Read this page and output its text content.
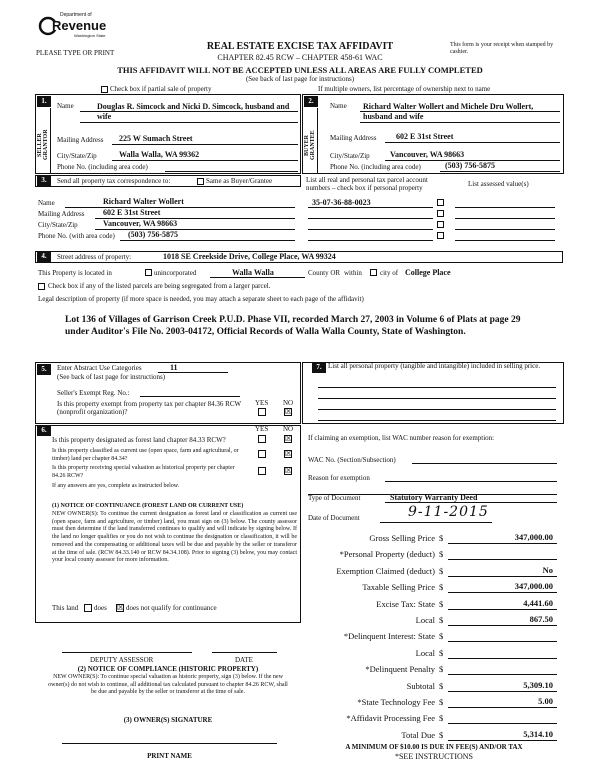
Department of
Revenue
Washington State
PLEASE TYPE OR PRINT
REAL ESTATE EXCISE TAX AFFIDAVIT
CHAPTER 82.45 RCW – CHAPTER 458-61 WAC
This form is your receipt when stamped by cashier.
THIS AFFIDAVIT WILL NOT BE ACCEPTED UNLESS ALL AREAS ARE FULLY COMPLETED
(See back of last page for instructions)
Check box if partial sale of property	If multiple owners, list percentage of ownership next to name
1.	2.
SELLER GRANTOR	BUYER GRANTEE
Name	Douglas R. Simcock and Nicki D. Simcock, husband and wife
Mailing Address 225 W Sumach Street
City/State/Zip	Walla Walla, WA 99362
Phone No. (including area code)
Name Richard Walter Wollert and Michele Dru Wollert, husband and wife
Mailing Address 602 E 31st Street
City/State/Zip	Vancouver, WA 98663
Phone No. (including area code)	(503) 756-5875
3.	Send all property tax correspondence to:	Same as Buyer/Grantee	List all real and personal tax parcel account numbers – check box if personal property	List assessed value(s)
Name	Richard Walter Wollert
Mailing Address 602 E 31st Street
City/State/Zip	Vancouver, WA 98663
Phone No. (with area code) (503) 756-5875
35-07-36-88-0023
4.	Street address of property:	1018 SE Creekside Drive, College Place, WA 99324
This Property is located in	unincorporated	Walla Walla	County OR within	city of College Place
Check box if any of the listed parcels are being segregated from a larger parcel.
Legal description of property (if more space is needed, you may attach a separate sheet to each page of the affidavit)
Lot 136 of Villages of Garrison Creek P.U.D. Phase VII, recorded March 27, 2003 in Volume 6 of Plats at page 29 under Auditor's File No. 2003-04172, Official Records of Walla Walla County, State of Washington.
5.	Enter Abstract Use Categories	11
(See back of last page for instructions)
Seller's Exempt Reg. No.:
Is this property exempt from property tax per chapter 84.36 RCW (nonprofit organization)?
YES NO
☒
7. List all personal property (tangible and intangible) included in selling price.
6.	YES NO
Is this property designated as forest land chapter 84.33 RCW?	☒
Is this property classified as current use (open space, farm and agricultural, or timber) land per chapter 84.34?
☒
Is this property receiving special valuation as historical property per chapter 84.26 RCW?
☒
If any answers are yes, complete as instructed below.
(1) NOTICE OF CONTINUANCE (FOREST LAND OR CURRENT USE)
NEW OWNER(S): To continue the current designation as forest land or classification as current use (open space, farm and agriculture, or timber) land, you must sign on (3) below. The county assessor must then determine if the land transferred continues to qualify and will indicate by signing below. If the land no longer qualifies or you do not wish to continue the designation or classification, it will be removed and the compensating or additional taxes will be due and payable by the seller or transferor at the time of sale. (RCW 84.33.140 or RCW 84.34.108). Prior to signing (3) below, you may contact your local county assessor for more information.
This land does ☒ does not qualify for continuance
DEPUTY ASSESSOR	DATE
(2) NOTICE OF COMPLIANCE (HISTORIC PROPERTY)
NEW OWNER(S): To continue special valuation as historic property, sign (3) below. If the new owner(s) do not wish to continue, all additional tax calculated pursuant to chapter 84.26 RCW, shall be due and payable by the seller or transferor at the time of sale.
(3) OWNER(S) SIGNATURE
PRINT NAME
If claiming an exemption, list WAC number reason for exemption:
WAC No. (Section/Subsection)
Reason for exemption
Type of Document	Statutory Warranty Deed
Date of Document	9-11-2015
Gross Selling Price $	347,000.00
*Personal Property (deduct) $
Exemption Claimed (deduct) $	No
Taxable Selling Price $	347,000.00
Excise Tax: State $	4,441.60
Local $	867.50
*Delinquent Interest: State $
Local $
*Delinquent Penalty $
Subtotal $	5,309.10
*State Technology Fee $	5.00
*Affidavit Processing Fee $
Total Due $	5,314.10
A MINIMUM OF $10.00 IS DUE IN FEE(S) AND/OR TAX
*SEE INSTRUCTIONS
